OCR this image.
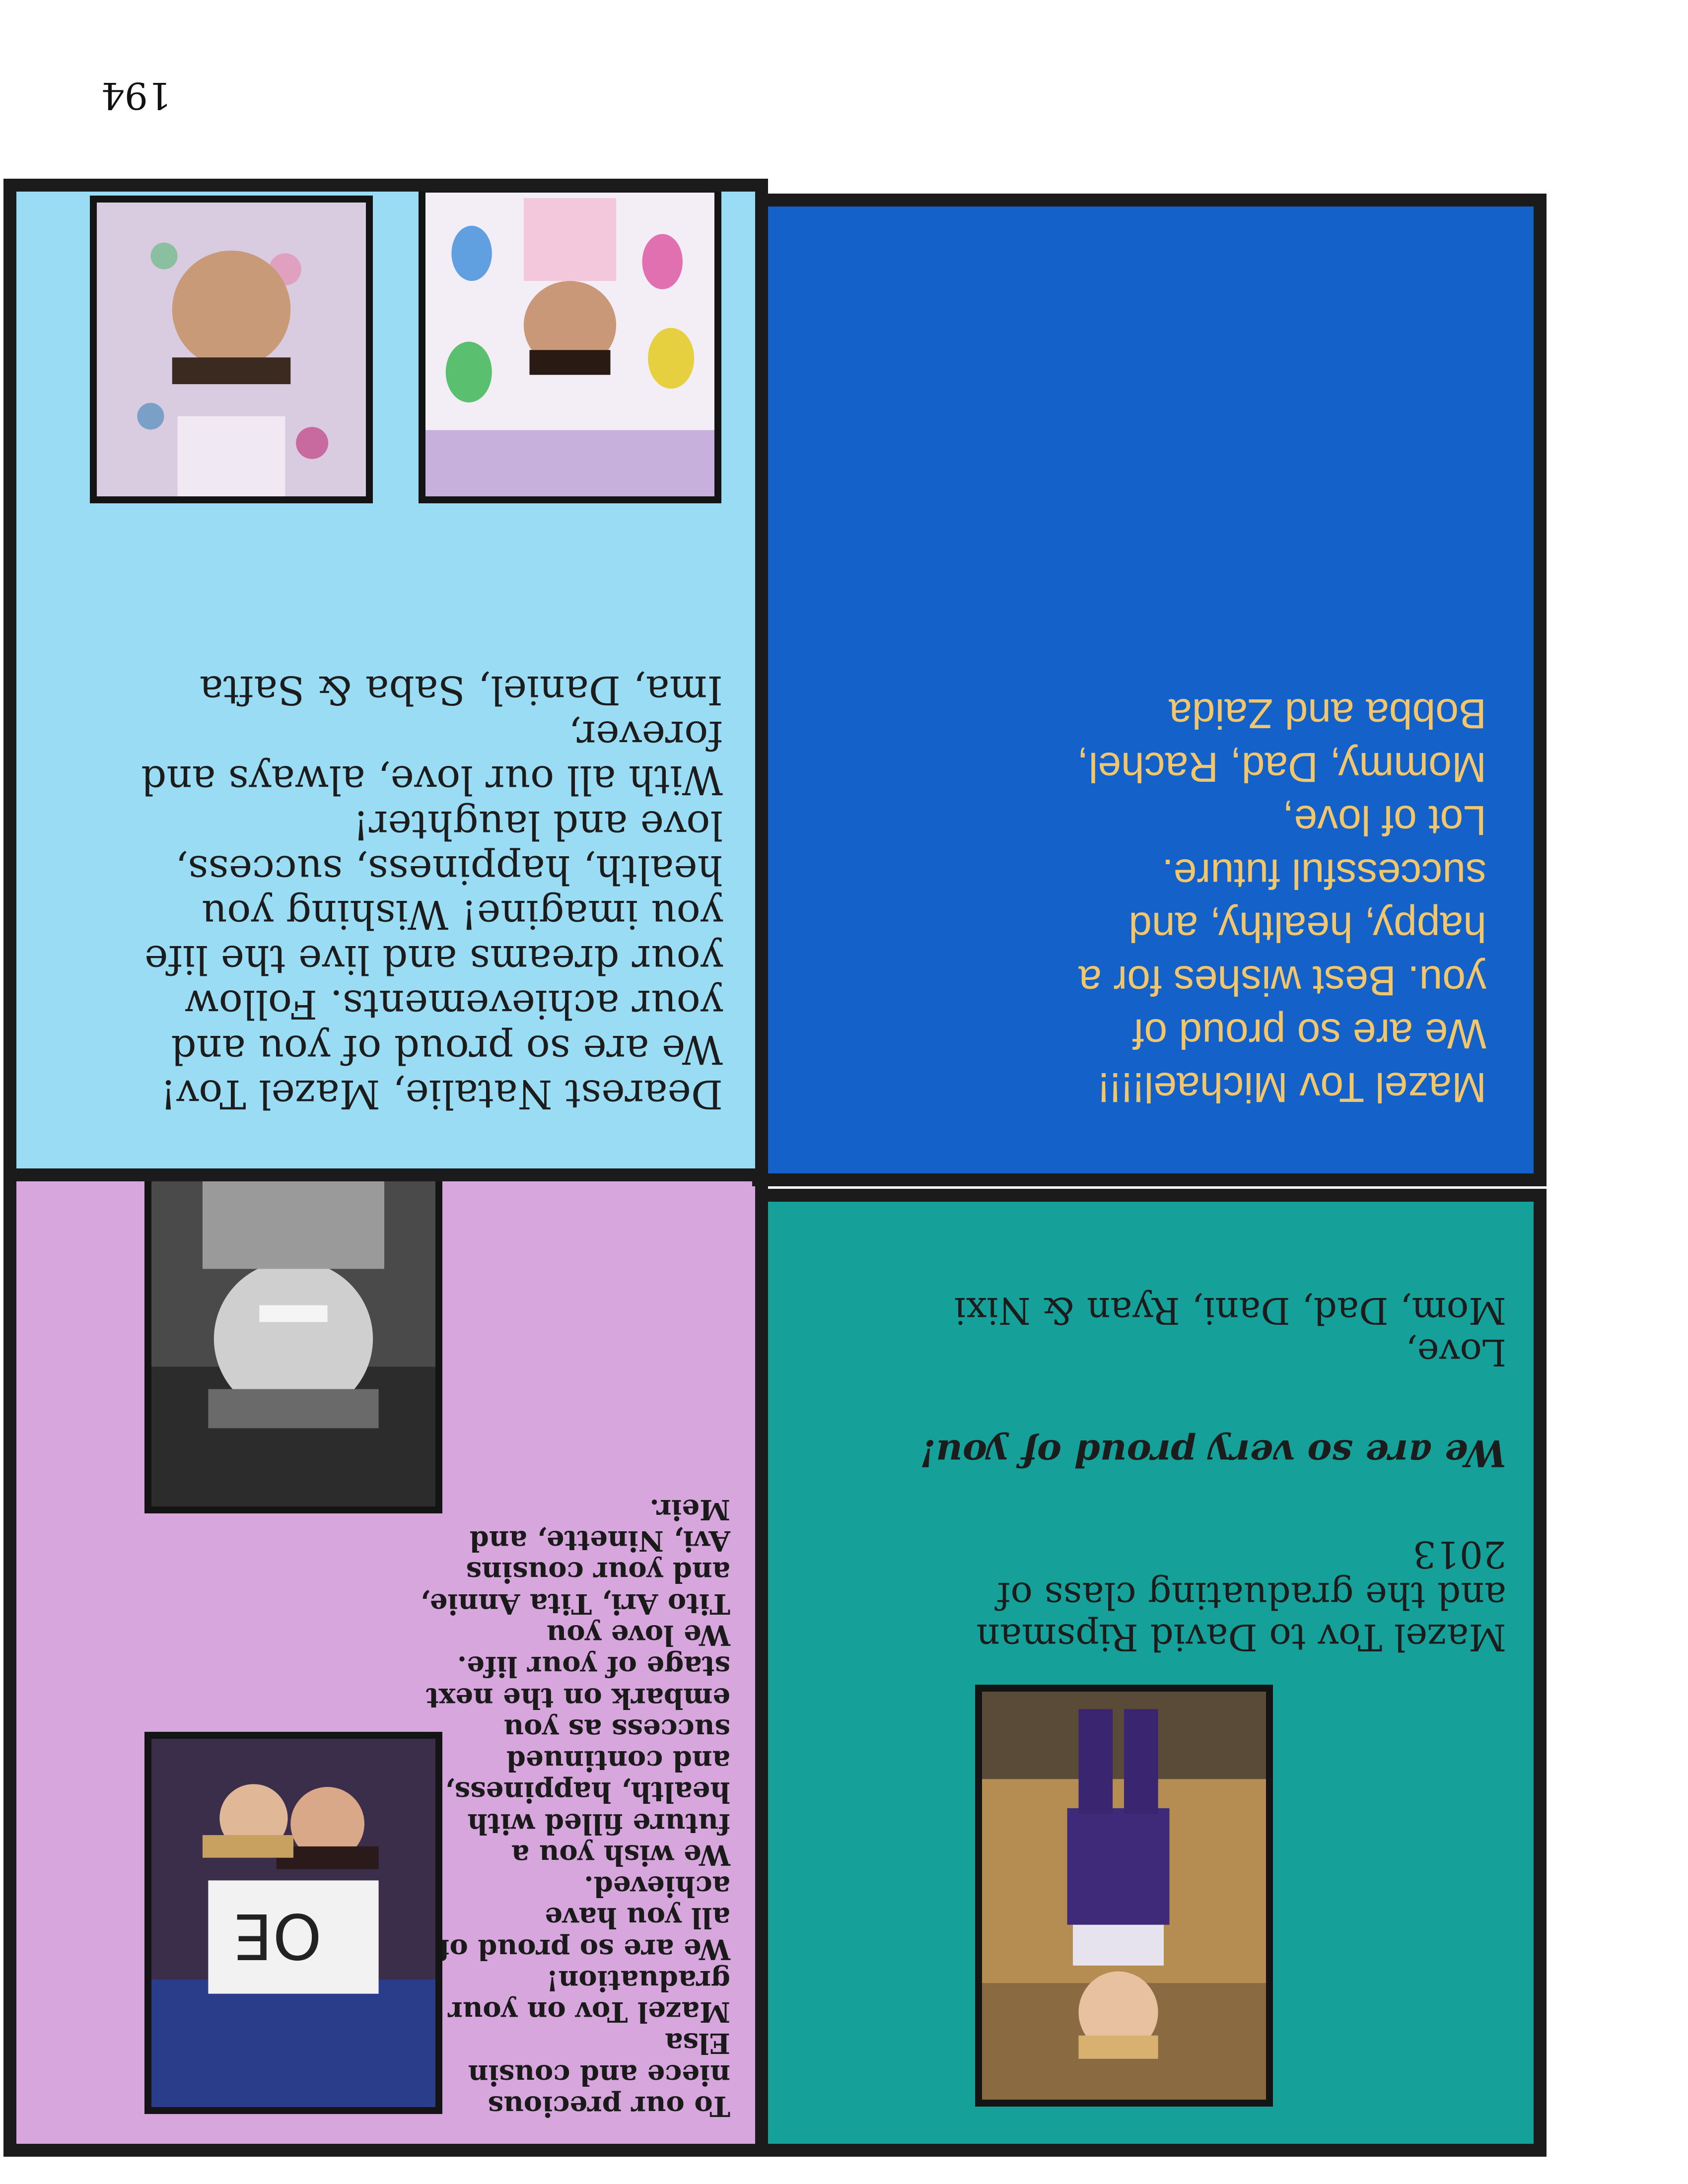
194
Mazel Tov to David Ripsman
and the graduating class of
2013
We are so very proud of you!
Love,
Mom, Dad, Dani, Ryan & Nixi
To our precious
niece and cousin
Elsa
Mazel Tov on your
graduation!
We are so proud of
all you have
achieved.
We wish you a
future filled with
health, happiness,
and continued
success as you
embark on the next
stage of your life.
We love you
Tito Ari, Tita Annie,
and your cousins
Avi, Ninette, and
Meir.
OE
Mazel Tov Michael!!!!
We are so proud of
you. Best wishes for a
happy, healthy, and
successful future.
Lot of love,
Mommy, Dad, Rachel,
Bobba and Zaida
Dearest Natalie, Mazel Tov!
We are so proud of you and
your achievements. Follow
your dreams and live the life
you imagine! Wishing you
health, happiness, success,
love and laughter!
With all our love, always and
forever,
Ima, Daniel, Saba & Safta
